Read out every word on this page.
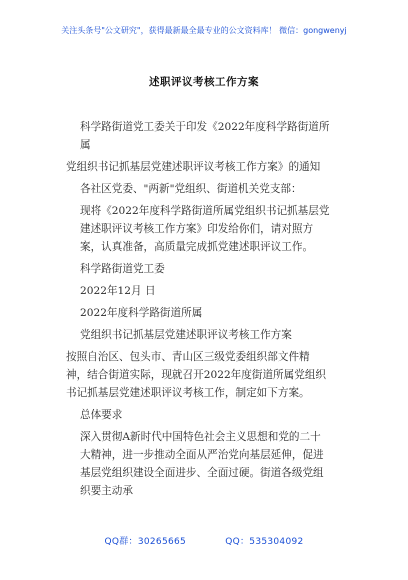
关注头条号"公文研究"，获得最新最全最专业的公文资料库！ 微信：gongwenyj
述职评议考核工作方案

科学路街道党工委关于印发《2022年度科学路街道所属

党组织书记抓基层党建述职评议考核工作方案》的通知

各社区党委、"两新"党组织、街道机关党支部：

现将《2022年度科学路街道所属党组织书记抓基层党建述职评议考核工作方案》印发给你们，请对照方案，认真准备，高质量完成抓党建述职评议工作。

科学路街道党工委

2022年12月 日

2022年度科学路街道所属

党组织书记抓基层党建述职评议考核工作方案

按照自治区、包头市、青山区三级党委组织部文件精神，结合街道实际，现就召开2022年度街道所属党组织书记抓基层党建述职评议考核工作，制定如下方案。

总体要求

深入贯彻A新时代中国特色社会主义思想和党的二十大精神，进一步推动全面从严治党向基层延伸，促进基层党组织建设全面进步、全面过硬。街道各级党组织要主动承

QQ群：30265665	QQ：535304092
